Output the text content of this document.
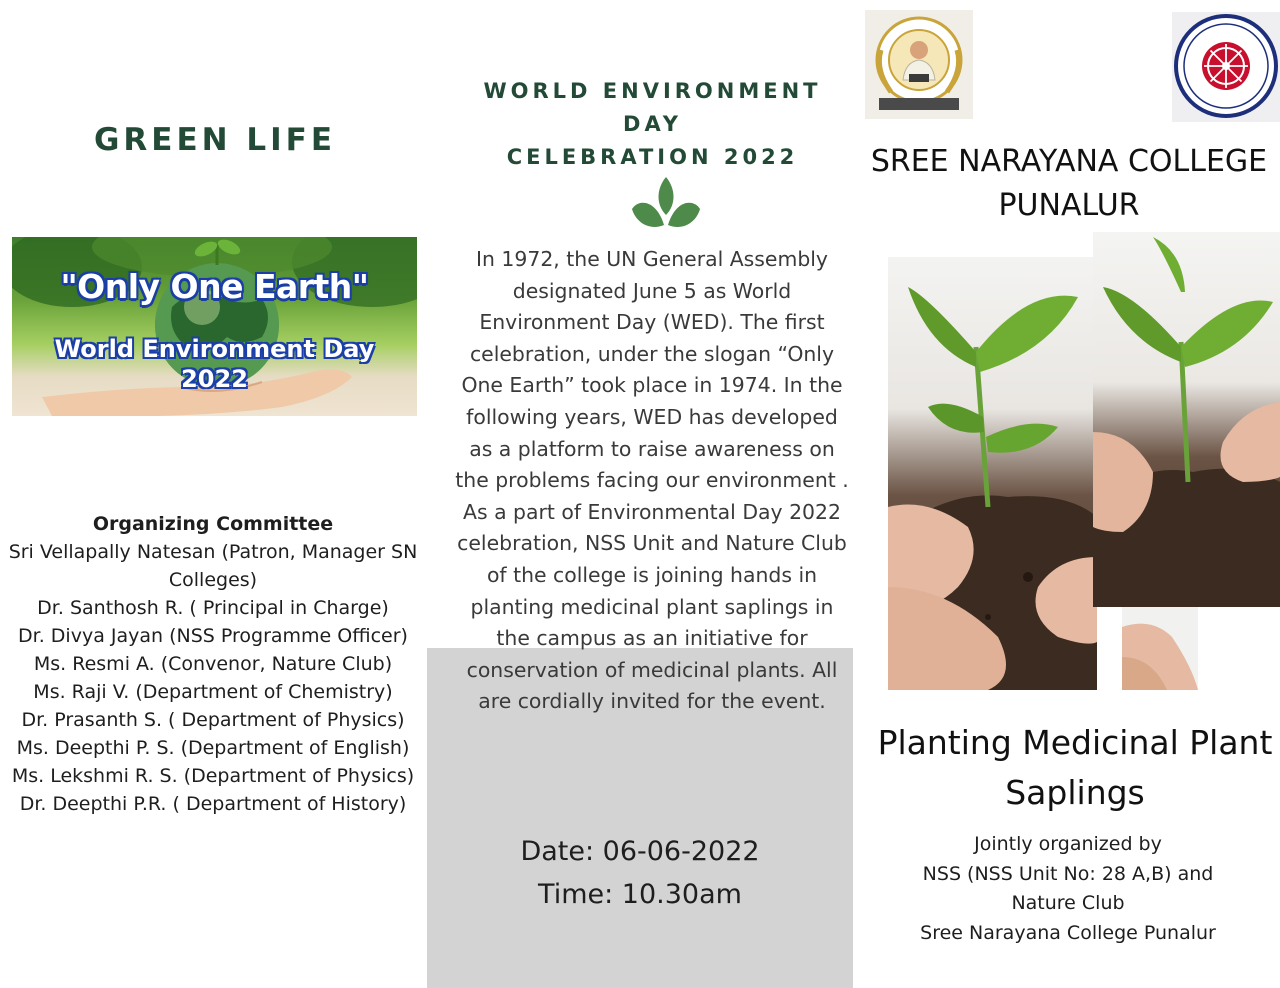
GREEN LIFE
"Only One Earth"
World Environment Day
2022
Organizing Committee
Sri Vellapally Natesan (Patron, Manager SN Colleges)
Dr. Santhosh R. ( Principal in Charge)
Dr. Divya Jayan (NSS Programme Officer)
Ms. Resmi A. (Convenor, Nature Club)
Ms. Raji V. (Department of Chemistry)
Dr. Prasanth S. ( Department of Physics)
Ms. Deepthi P. S. (Department of English)
Ms. Lekshmi R. S. (Department of Physics)
Dr. Deepthi P.R. ( Department of History)
WORLD ENVIRONMENT
DAY
CELEBRATION 2022
In 1972, the UN General Assembly designated June 5 as World Environment Day (WED). The first celebration, under the slogan “Only One Earth” took place in 1974. In the following years, WED has developed as a platform to raise awareness on the problems facing our environment . As a part of Environmental Day 2022 celebration, NSS Unit and Nature Club of the college is joining hands in planting medicinal plant saplings in the campus as an initiative for conservation of medicinal plants. All are cordially invited for the event.
Date: 06-06-2022
Time: 10.30am
SREE NARAYANA COLLEGE
PUNALUR
Planting Medicinal Plant
Saplings
Jointly organized by
NSS (NSS Unit No: 28 A,B) and
Nature Club
Sree Narayana College Punalur
